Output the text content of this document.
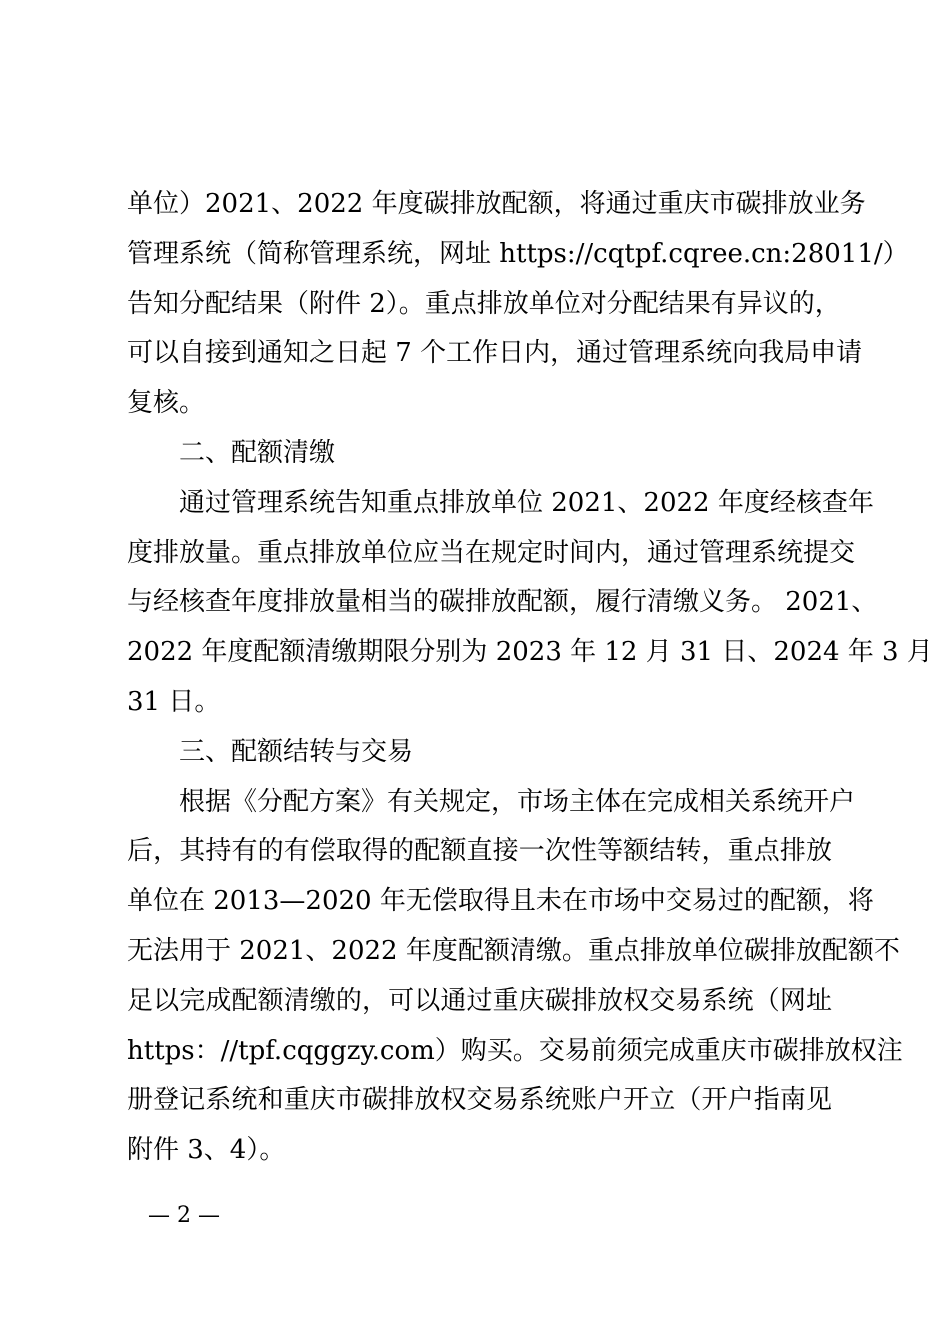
单位）2021、2022 年度碳排放配额，将通过重庆市碳排放业务
管理系统（简称管理系统，网址 https://cqtpf.cqree.cn:28011/）
告知分配结果（附件 2）。重点排放单位对分配结果有异议的，
可以自接到通知之日起 7 个工作日内，通过管理系统向我局申请
复核。
二、配额清缴
通过管理系统告知重点排放单位 2021、2022 年度经核查年
度排放量。重点排放单位应当在规定时间内，通过管理系统提交
与经核查年度排放量相当的碳排放配额，履行清缴义务。 2021、
2022 年度配额清缴期限分别为 2023 年 12 月 31 日、2024 年 3 月
31 日。
三、配额结转与交易
根据《分配方案》有关规定，市场主体在完成相关系统开户
后，其持有的有偿取得的配额直接一次性等额结转，重点排放
单位在 2013—2020 年无偿取得且未在市场中交易过的配额，将
无法用于 2021、2022 年度配额清缴。重点排放单位碳排放配额不
足以完成配额清缴的，可以通过重庆碳排放权交易系统（网址
https：//tpf.cqggzy.com）购买。交易前须完成重庆市碳排放权注
册登记系统和重庆市碳排放权交易系统账户开立（开户指南见
附件 3、4）。
— 2 —
